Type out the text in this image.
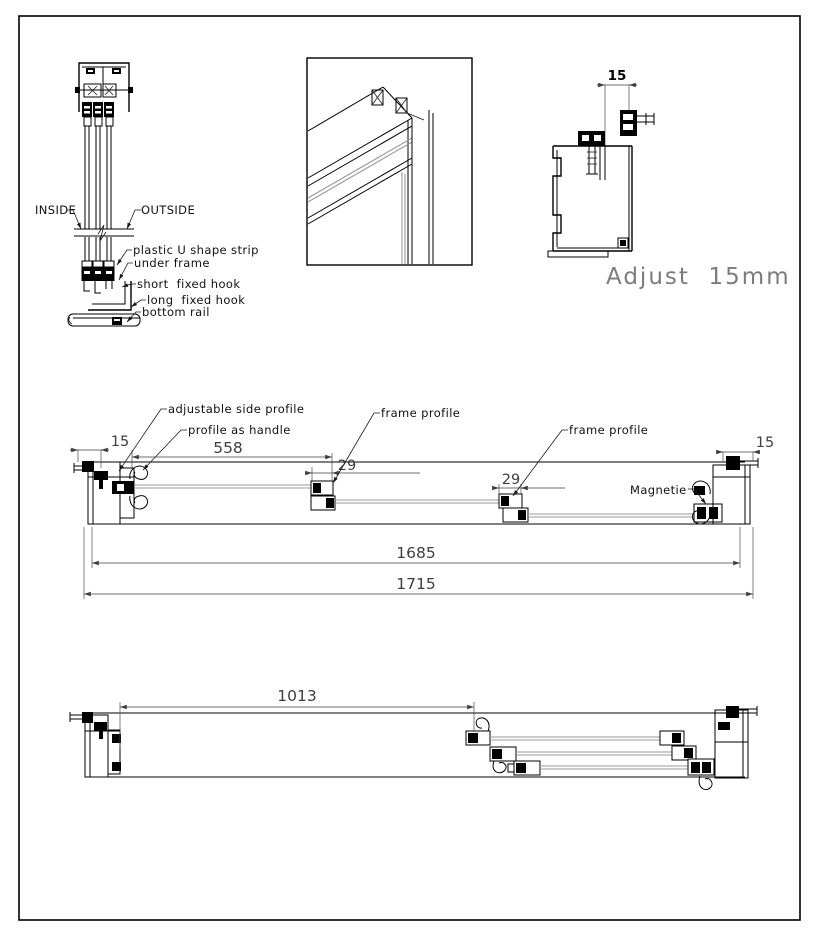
INSIDE	OUTSIDE
plastic U shape strip
under frame
short  fixed hook
long  fixed hook
bottom rail
15
Adjust  15mm
15	558
29
29
15
1685
1715
adjustable side profile
profile as handle
frame profile
frame profile
Magnetie
1013
